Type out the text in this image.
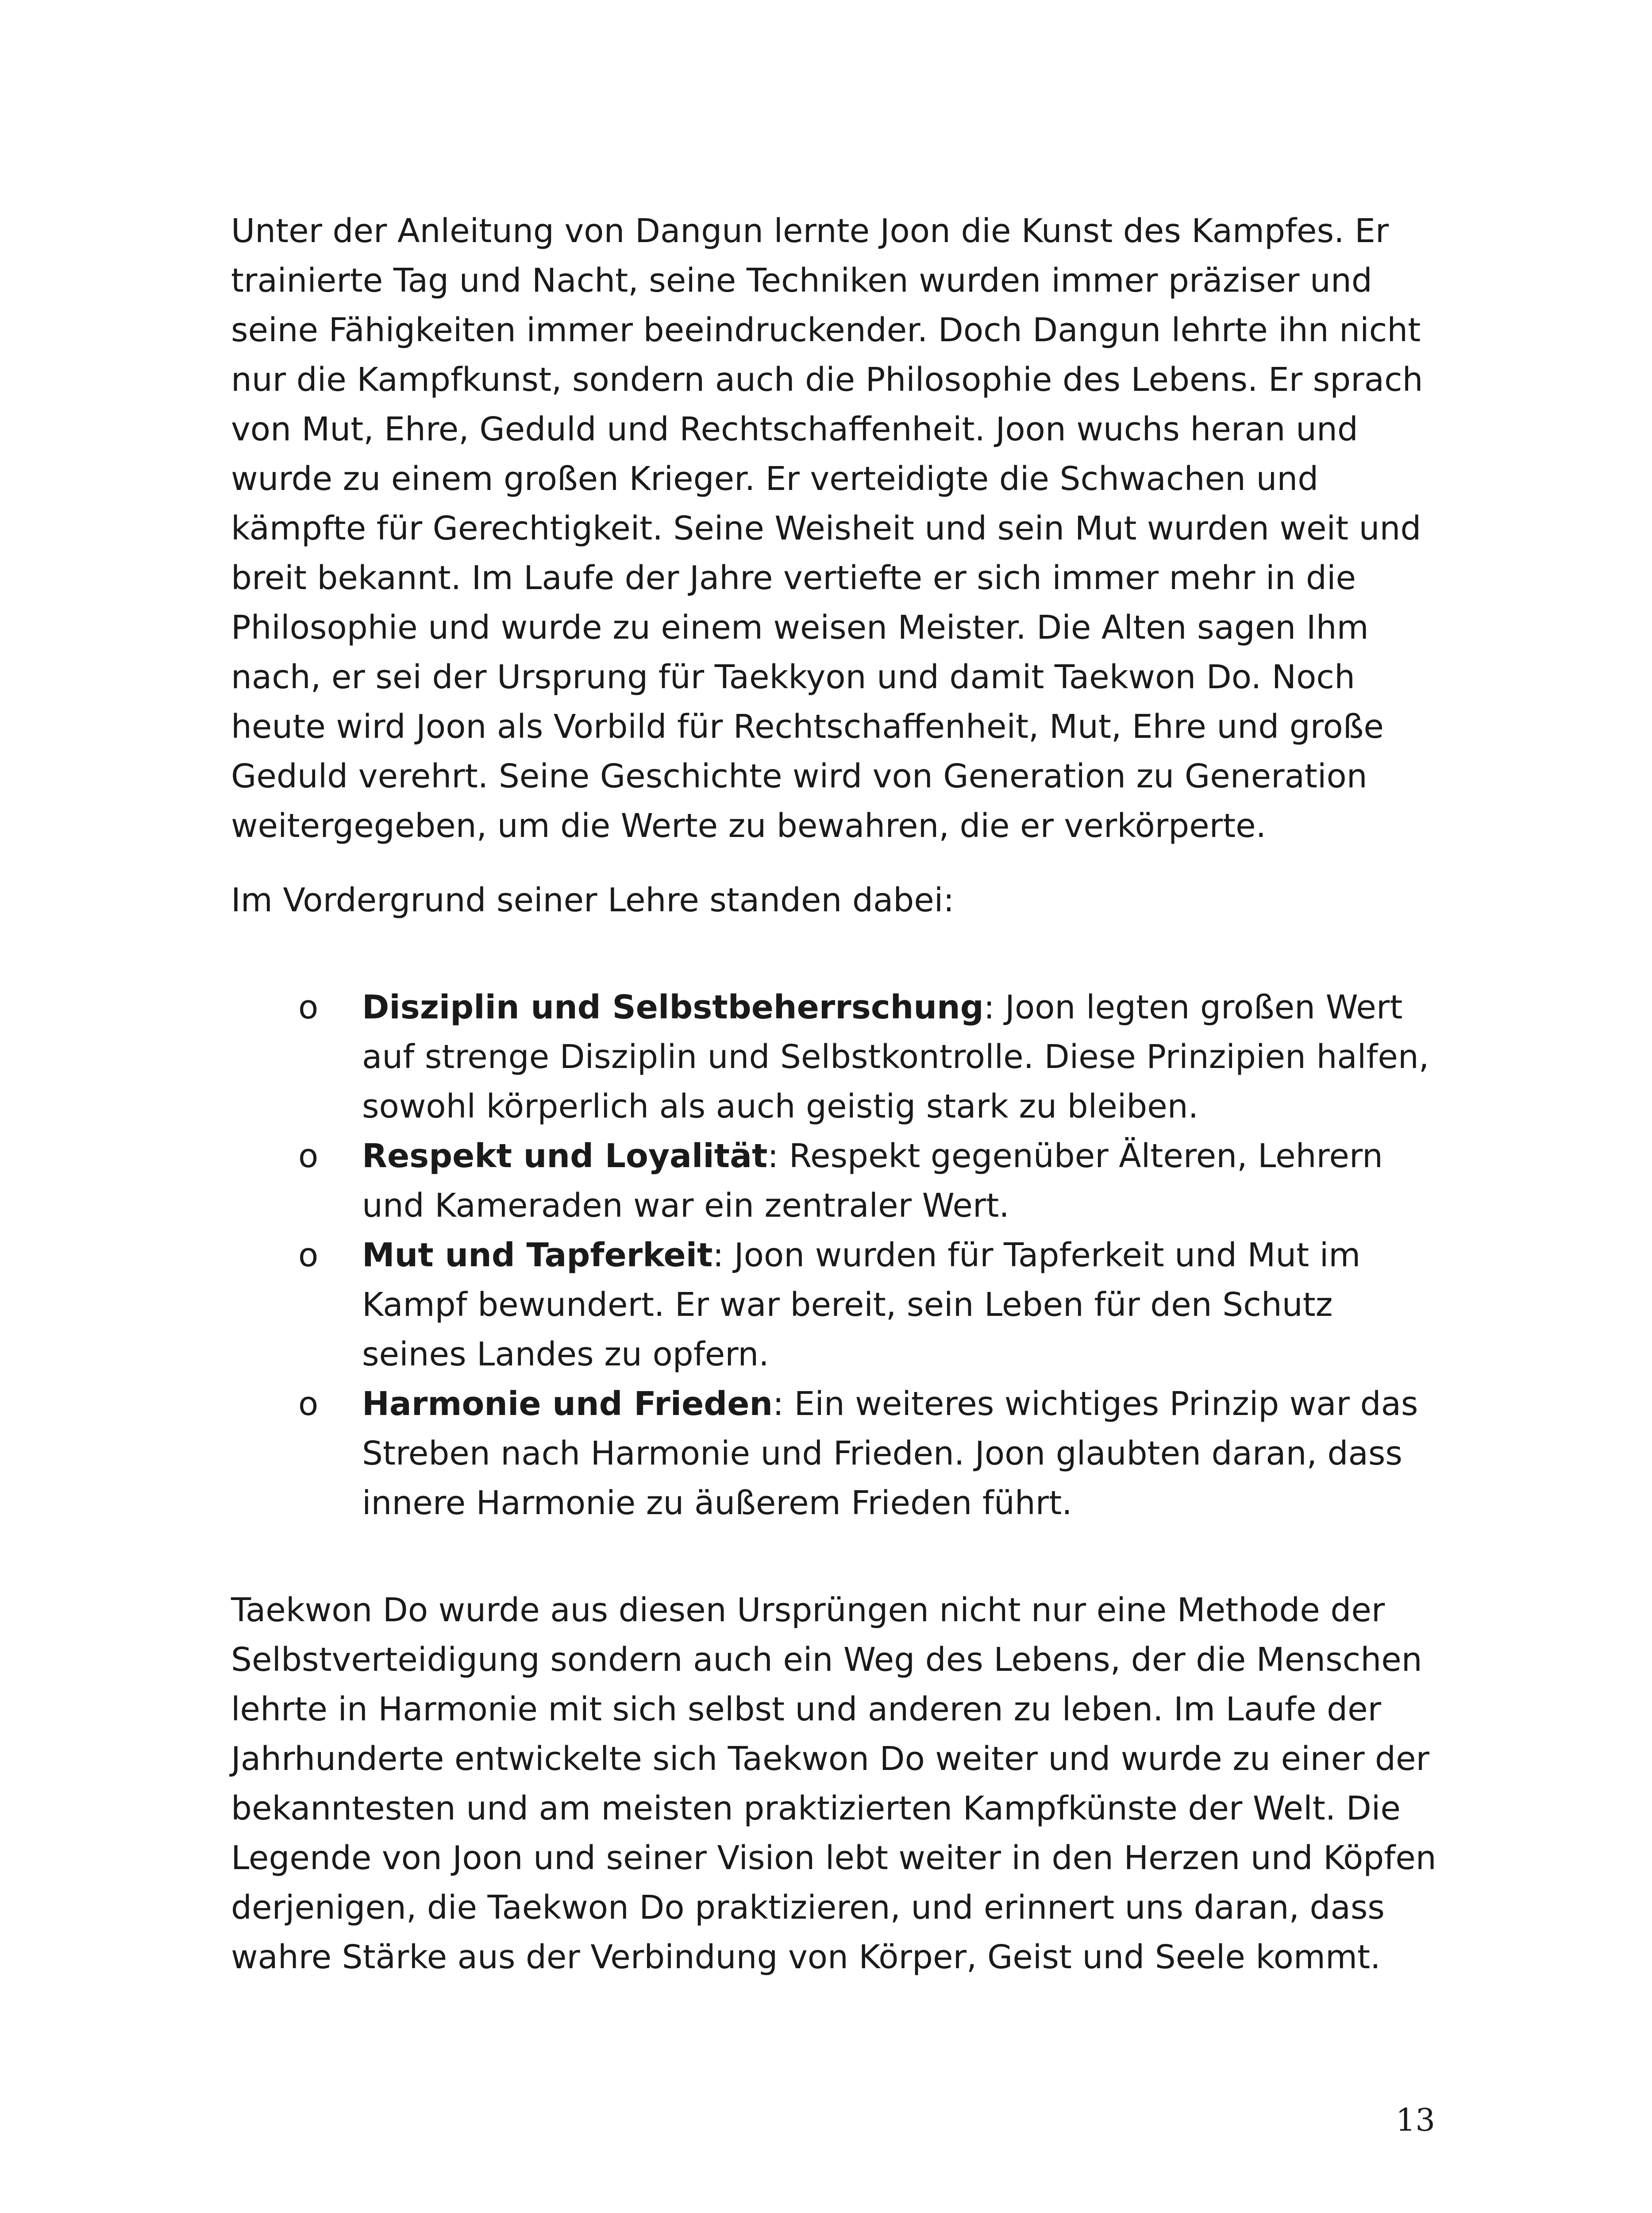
Unter der Anleitung von Dangun lernte Joon die Kunst des Kampfes. Er trainierte Tag und Nacht, seine Techniken wurden immer präziser und seine Fähigkeiten immer beeindruckender. Doch Dangun lehrte ihn nicht nur die Kampfkunst, sondern auch die Philosophie des Lebens. Er sprach von Mut, Ehre, Geduld und Rechtschaffenheit. Joon wuchs heran und wurde zu einem großen Krieger. Er verteidigte die Schwachen und kämpfte für Gerechtigkeit. Seine Weisheit und sein Mut wurden weit und breit bekannt. Im Laufe der Jahre vertiefte er sich immer mehr in die Philosophie und wurde zu einem weisen Meister. Die Alten sagen Ihm nach, er sei der Ursprung für Taekkyon und damit Taekwon Do. Noch heute wird Joon als Vorbild für Rechtschaffenheit, Mut, Ehre und große Geduld verehrt. Seine Geschichte wird von Generation zu Generation weitergegeben, um die Werte zu bewahren, die er verkörperte.

Im Vordergrund seiner Lehre standen dabei:

o Disziplin und Selbstbeherrschung: Joon legten großen Wert auf strenge Disziplin und Selbstkontrolle. Diese Prinzipien halfen, sowohl körperlich als auch geistig stark zu bleiben.
o Respekt und Loyalität: Respekt gegenüber Älteren, Lehrern und Kameraden war ein zentraler Wert.
o Mut und Tapferkeit: Joon wurden für Tapferkeit und Mut im Kampf bewundert. Er war bereit, sein Leben für den Schutz seines Landes zu opfern.
o Harmonie und Frieden: Ein weiteres wichtiges Prinzip war das Streben nach Harmonie und Frieden. Joon glaubten daran, dass innere Harmonie zu äußerem Frieden führt.

Taekwon Do wurde aus diesen Ursprüngen nicht nur eine Methode der Selbstverteidigung sondern auch ein Weg des Lebens, der die Menschen lehrte in Harmonie mit sich selbst und anderen zu leben. Im Laufe der Jahrhunderte entwickelte sich Taekwon Do weiter und wurde zu einer der bekanntesten und am meisten praktizierten Kampfkünste der Welt. Die Legende von Joon und seiner Vision lebt weiter in den Herzen und Köpfen derjenigen, die Taekwon Do praktizieren, und erinnert uns daran, dass wahre Stärke aus der Verbindung von Körper, Geist und Seele kommt.

13
